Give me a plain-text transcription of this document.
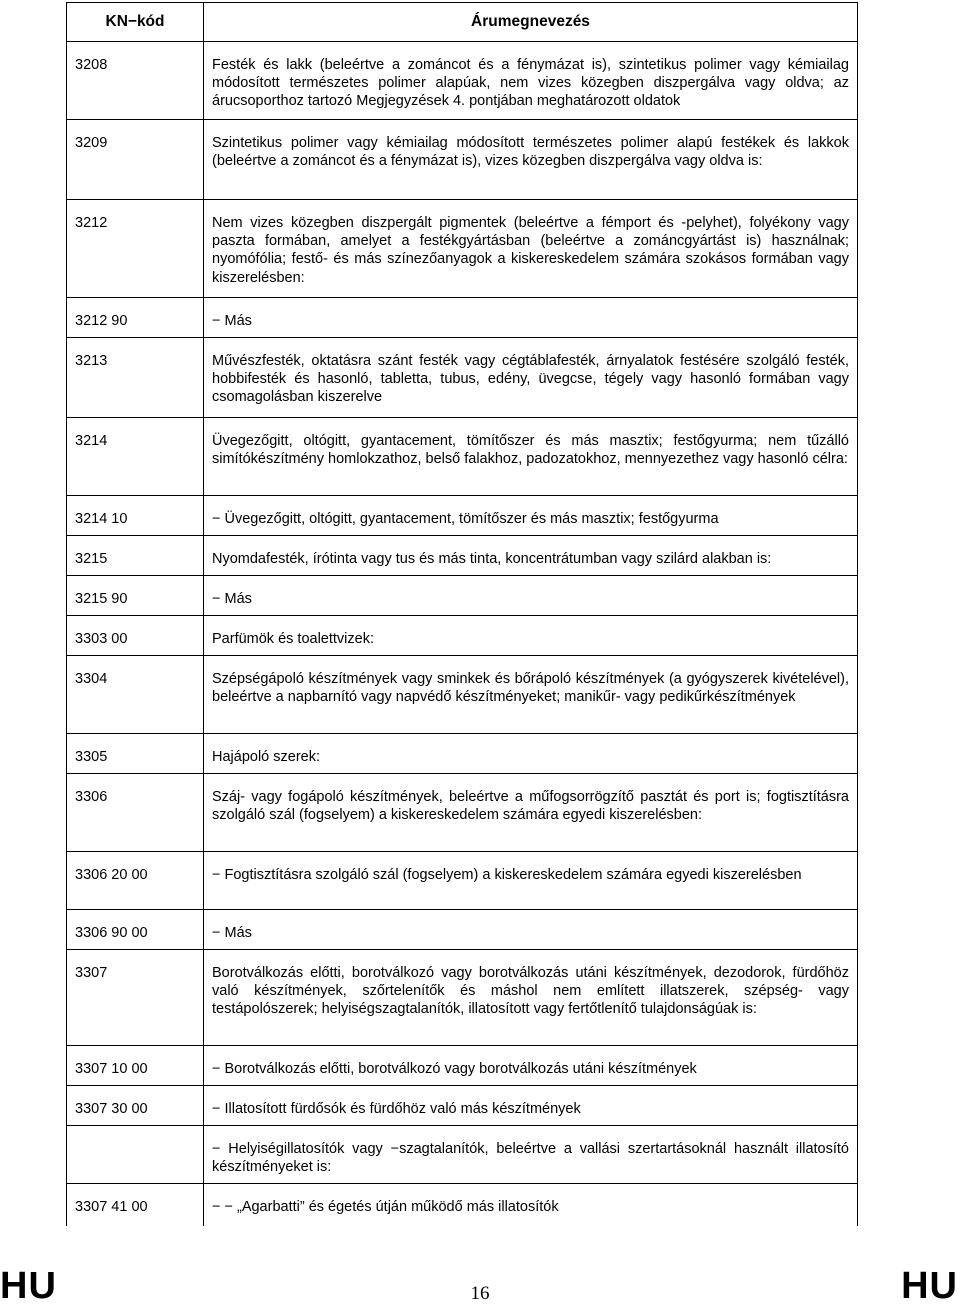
KN−kód	Árumegnevezés
3208	Festék és lakk (beleértve a zománcot és a fénymázat is), szintetikus polimer vagy kémiailag módosított természetes polimer alapúak, nem vizes közegben diszpergálva vagy oldva; az árucsoporthoz tartozó Megjegyzések 4. pontjában meghatározott oldatok
3209	Szintetikus polimer vagy kémiailag módosított természetes polimer alapú festékek és lakkok (beleértve a zománcot és a fénymázat is), vizes közegben diszpergálva vagy oldva is:
3212	Nem vizes közegben diszpergált pigmentek (beleértve a fémport és -pelyhet), folyékony vagy paszta formában, amelyet a festékgyártásban (beleértve a zománcgyártást is) használnak; nyomófólia; festő- és más színezőanyagok a kiskereskedelem számára szokásos formában vagy kiszerelésben:
3212 90	− Más
3213	Művészfesték, oktatásra szánt festék vagy cégtáblafesték, árnyalatok festésére szolgáló festék, hobbifesték és hasonló, tabletta, tubus, edény, üvegcse, tégely vagy hasonló formában vagy csomagolásban kiszerelve
3214	Üvegezőgitt, oltógitt, gyantacement, tömítőszer és más masztix; festőgyurma; nem tűzálló simítókészítmény homlokzathoz, belső falakhoz, padozatokhoz, mennyezethez vagy hasonló célra:
3214 10	− Üvegezőgitt, oltógitt, gyantacement, tömítőszer és más masztix; festőgyurma
3215	Nyomdafesték, írótinta vagy tus és más tinta, koncentrátumban vagy szilárd alakban is:
3215 90	− Más
3303 00	Parfümök és toalettvizek:
3304	Szépségápoló készítmények vagy sminkek és bőrápoló készítmények (a gyógyszerek kivételével), beleértve a napbarnító vagy napvédő készítményeket; manikűr- vagy pedikűrkészítmények
3305	Hajápoló szerek:
3306	Száj- vagy fogápoló készítmények, beleértve a műfogsorrögzítő pasztát és port is; fogtisztításra szolgáló szál (fogselyem) a kiskereskedelem számára egyedi kiszerelésben:
3306 20 00	− Fogtisztításra szolgáló szál (fogselyem) a kiskereskedelem számára egyedi kiszerelésben
3306 90 00	− Más
3307	Borotválkozás előtti, borotválkozó vagy borotválkozás utáni készítmények, dezodorok, fürdőhöz való készítmények, szőrtelenítők és máshol nem említett illatszerek, szépség- vagy testápolószerek; helyiségszagtalanítók, illatosított vagy fertőtlenítő tulajdonságúak is:
3307 10 00	− Borotválkozás előtti, borotválkozó vagy borotválkozás utáni készítmények
3307 30 00	− Illatosított fürdősók és fürdőhöz való más készítmények
	− Helyiségillatosítók vagy −szagtalanítók, beleértve a vallási szertartásoknál használt illatosító készítményeket is:
3307 41 00	− − „Agarbatti” és égetés útján működő más illatosítók
HU	16	HU
